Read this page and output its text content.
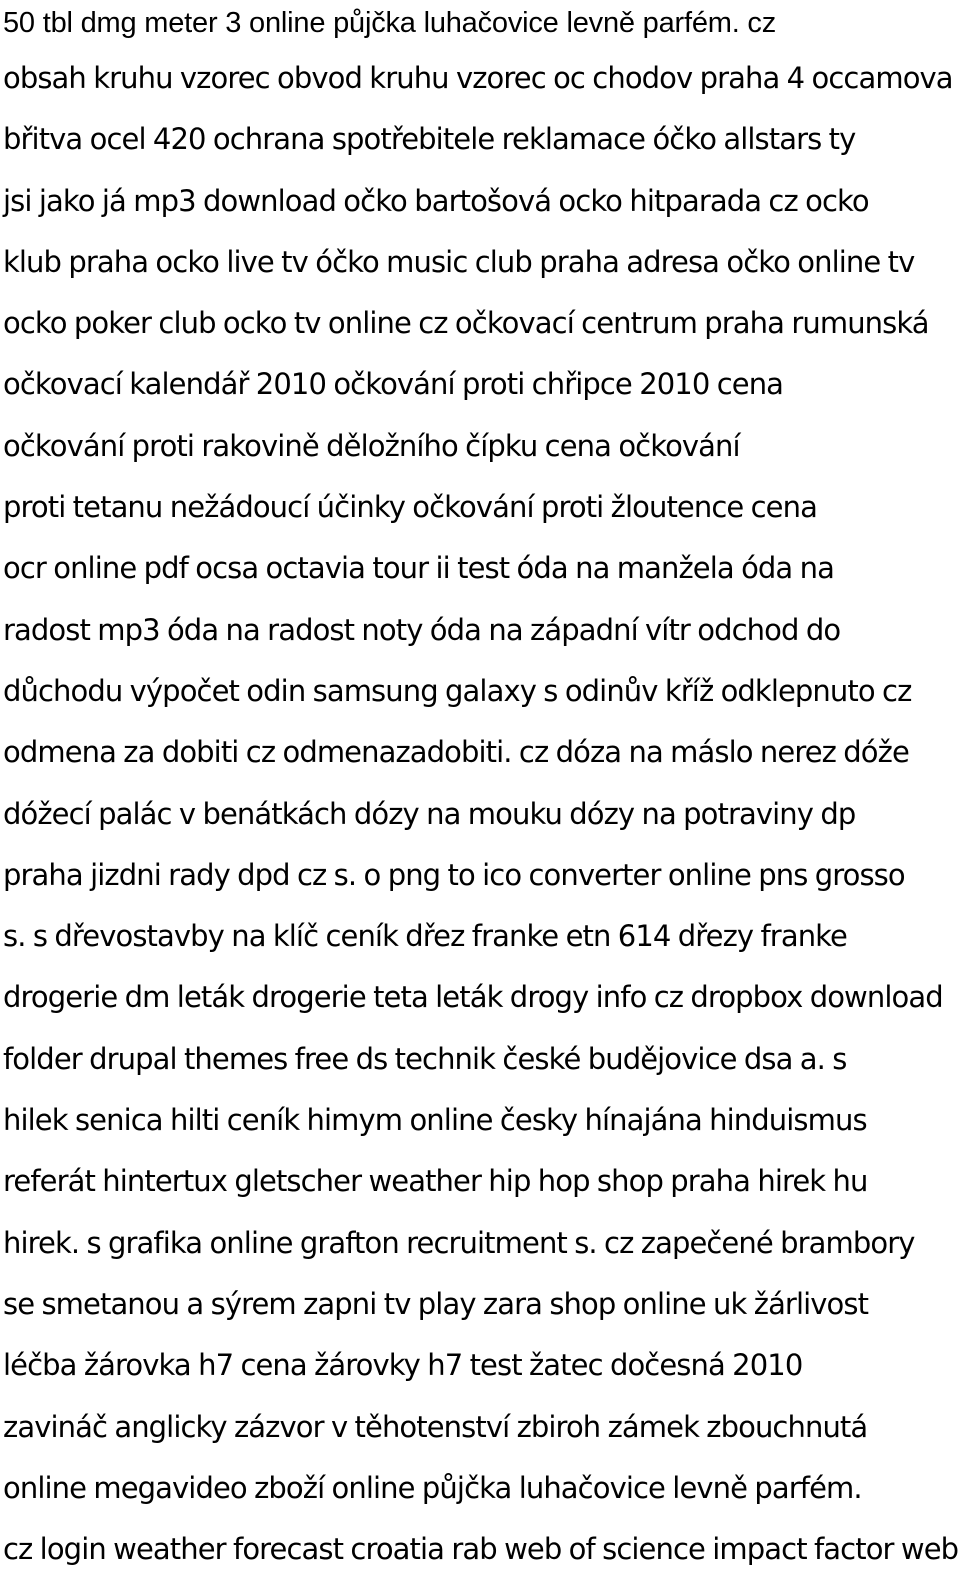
50 tbl dmg meter 3 online půjčka luhačovice levně parfém. cz
obsah kruhu vzorec obvod kruhu vzorec oc chodov praha 4 occamova
břitva ocel 420 ochrana spotřebitele reklamace óčko allstars ty
jsi jako já mp3 download očko bartošová ocko hitparada cz ocko
klub praha ocko live tv óčko music club praha adresa očko online tv
ocko poker club ocko tv online cz očkovací centrum praha rumunská
očkovací kalendář 2010 očkování proti chřipce 2010 cena
očkování proti rakovině děložního čípku cena očkování
proti tetanu nežádoucí účinky očkování proti žloutence cena
ocr online pdf ocsa octavia tour ii test óda na manžela óda na
radost mp3 óda na radost noty óda na západní vítr odchod do
důchodu výpočet odin samsung galaxy s odinův kříž odklepnuto cz
odmena za dobiti cz odmenazadobiti. cz dóza na máslo nerez dóže
dóžecí palác v benátkách dózy na mouku dózy na potraviny dp
praha jizdni rady dpd cz s. o png to ico converter online pns grosso
s. s dřevostavby na klíč ceník dřez franke etn 614 dřezy franke
drogerie dm leták drogerie teta leták drogy info cz dropbox download
folder drupal themes free ds technik české budějovice dsa a. s
hilek senica hilti ceník himym online česky hínajána hinduismus
referát hintertux gletscher weather hip hop shop praha hirek hu
hirek. s grafika online grafton recruitment s. cz zapečené brambory
se smetanou a sýrem zapni tv play zara shop online uk žárlivost
léčba žárovka h7 cena žárovky h7 test žatec dočesná 2010
zavináč anglicky zázvor v těhotenství zbiroh zámek zbouchnutá
online megavideo zboží online půjčka luhačovice levně parfém.
cz login weather forecast croatia rab web of science impact factor web
